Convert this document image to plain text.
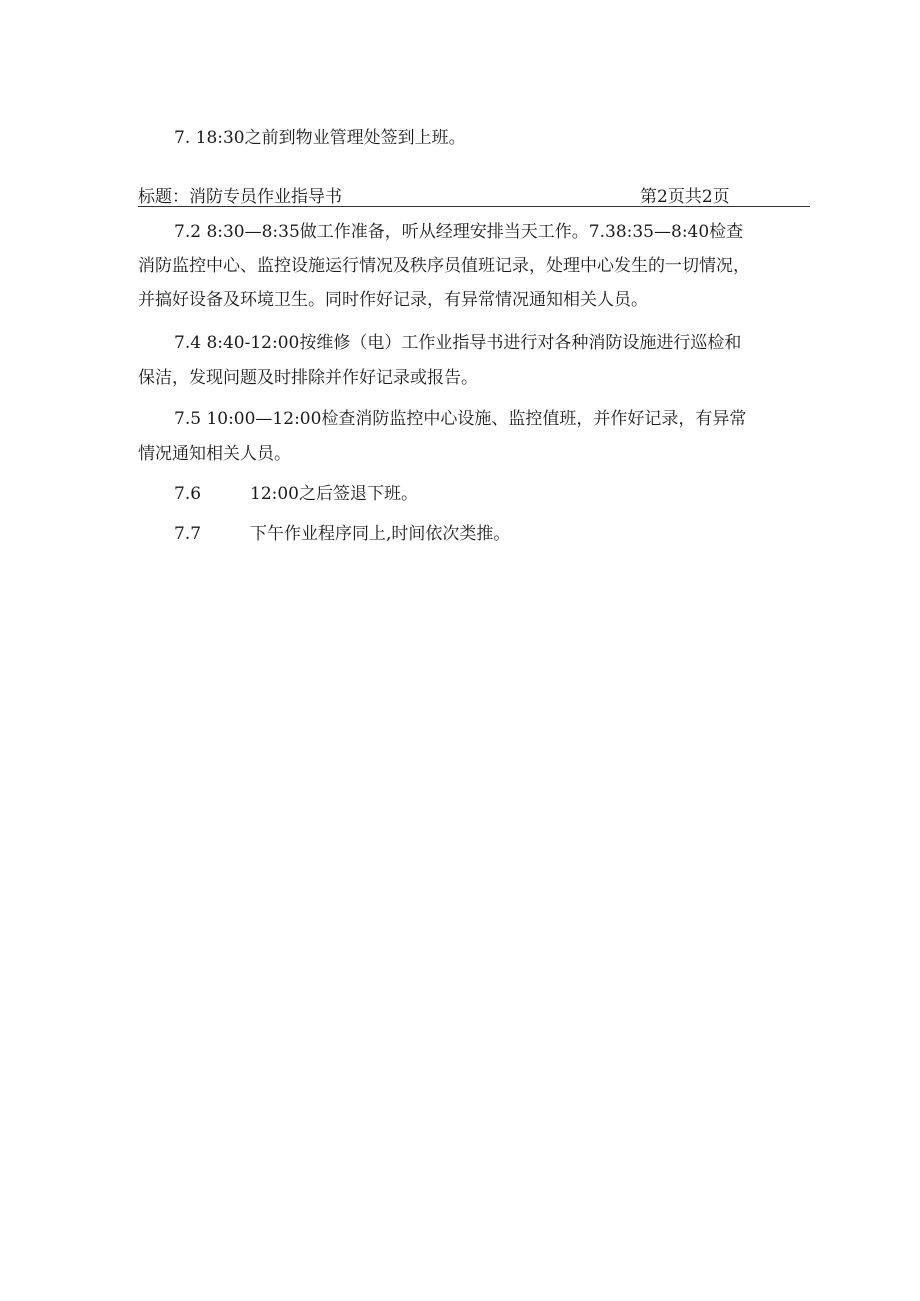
7. 18:30之前到物业管理处签到上班。
标题：消防专员作业指导书	第2页共2页
7.2 8:30—8:35做工作准备，听从经理安排当天工作。7.38:35—8:40检查
消防监控中心、监控设施运行情况及秩序员值班记录，处理中心发生的一切情况，
并搞好设备及环境卫生。同时作好记录，有异常情况通知相关人员。
7.4 8:40-12:00按维修（电）工作业指导书进行对各种消防设施进行巡检和
保洁，发现问题及时排除并作好记录或报告。
7.5 10:00—12:00检查消防监控中心设施、监控值班，并作好记录，有异常
情况通知相关人员。
7.6	12:00之后签退下班。
7.7	下午作业程序同上,时间依次类推。
